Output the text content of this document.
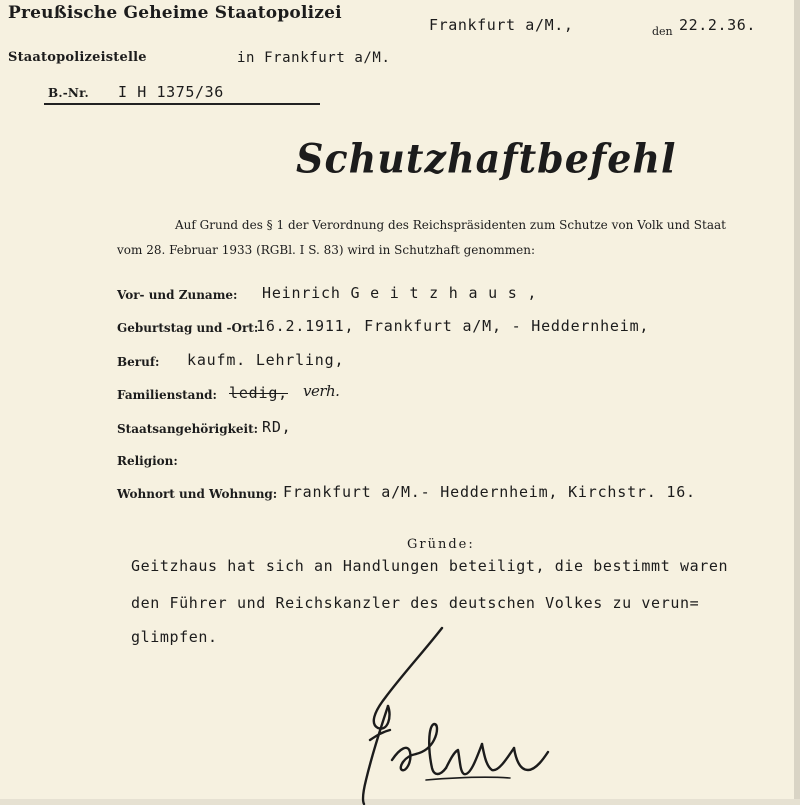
Preußische Geheime Staatopolizei
Frankfurt a/M.,	den 22.2.36.
Staatopolizeistelle	in Frankfurt a/M.
B.-Nr. I H 1375/36
Schutzhaftbefehl
Auf Grund des § 1 der Verordnung des Reichspräsidenten zum Schutze von Volk und Staat
vom 28. Februar 1933 (RGBl. I S. 83) wird in Schutzhaft genommen:
Vor- und Zuname: Heinrich G e i t z h a u s ,
Geburtstag und -Ort:
16.2.1911, Frankfurt a/M, - Heddernheim,
Beruf: kaufm. Lehrling,
Familienstand: ledig, verh.
Staatsangehörigkeit: RD,
Religion:
Wohnort und Wohnung: Frankfurt a/M.- Heddernheim, Kirchstr. 16.
Gründe:
Geitzhaus hat sich an Handlungen beteiligt, die bestimmt waren
den Führer und Reichskanzler des deutschen Volkes zu verun=
glimpfen.
